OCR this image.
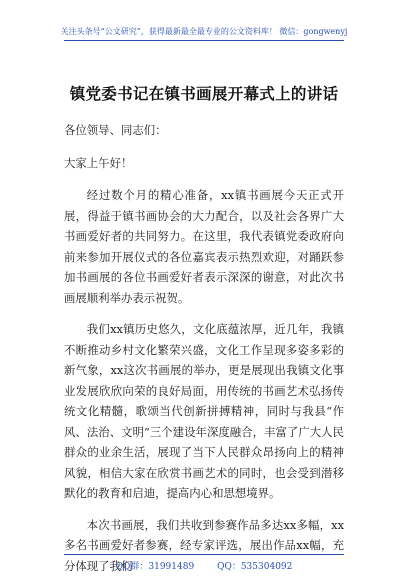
关注头条号“公文研究”，获得最新最全最专业的公文资料库！ 微信：gongwenyj
镇党委书记在镇书画展开幕式上的讲话

各位领导、同志们：

大家上午好！

经过数个月的精心准备，xx镇书画展今天正式开展，得益于镇书画协会的大力配合，以及社会各界广大书画爱好者的共同努力。在这里，我代表镇党委政府向前来参加开展仪式的各位嘉宾表示热烈欢迎，对踊跃参加书画展的各位书画爱好者表示深深的谢意，对此次书画展顺利举办表示祝贺。

我们xx镇历史悠久，文化底蕴浓厚，近几年，我镇不断推动乡村文化繁荣兴盛，文化工作呈现多姿多彩的新气象，xx这次书画展的举办，更是展现出我镇文化事业发展欣欣向荣的良好局面，用传统的书画艺术弘扬传统文化精髓，歌颂当代创新拼搏精神，同时与我县“作风、法治、文明”三个建设年深度融合，丰富了广大人民群众的业余生活，展现了当下人民群众昂扬向上的精神风貌，相信大家在欣赏书画艺术的同时，也会受到潜移默化的教育和启迪，提高内心和思想境界。

本次书画展，我们共收到参赛作品多达xx多幅，xx多名书画爱好者参赛，经专家评选，展出作品xx幅，充分体现了我们

QQ群：31991489	QQ：535304092
